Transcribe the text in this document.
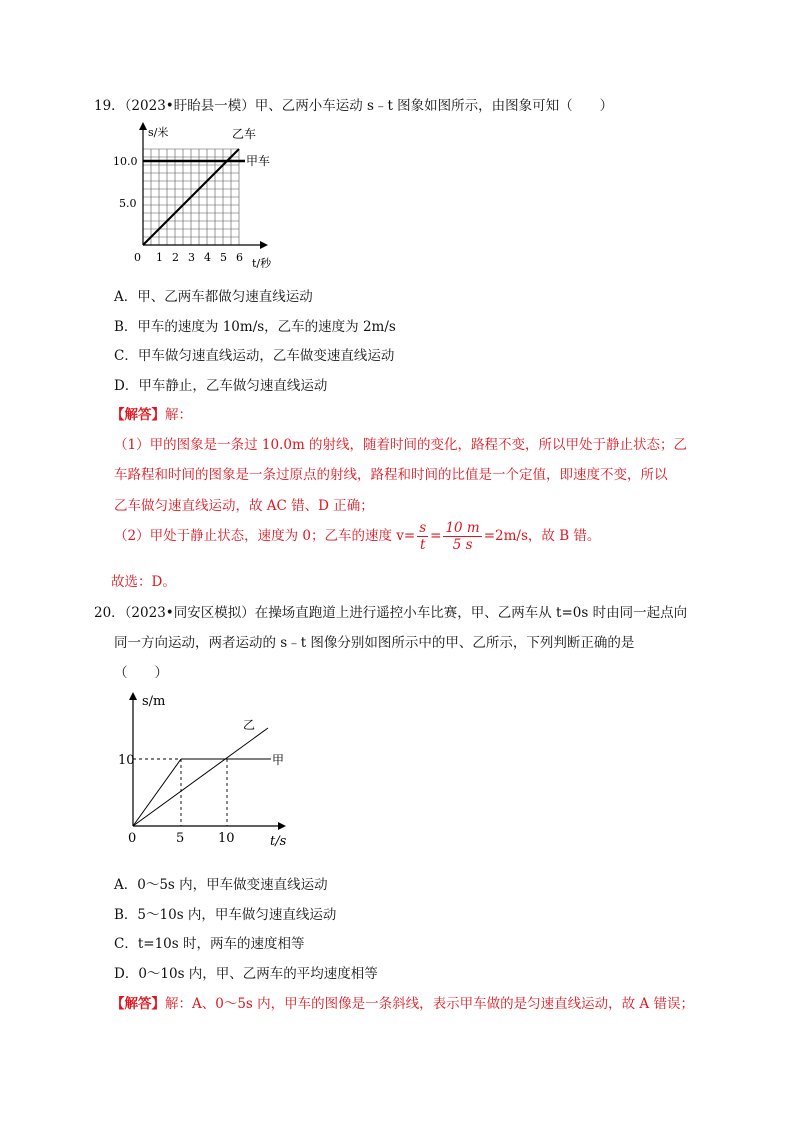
19．（2023•盱眙县一模）甲、乙两小车运动 s﹣t 图象如图所示，由图象可知（　　）
s/米
t/秒
10.0
5.0
0 1 2 3 4 5 6
乙车
甲车
A．甲、乙两车都做匀速直线运动
B．甲车的速度为 10m/s，乙车的速度为 2m/s
C．甲车做匀速直线运动，乙车做变速直线运动
D．甲车静止，乙车做匀速直线运动
【解答】解：
（1）甲的图象是一条过 10.0m 的射线，随着时间的变化，路程不变，所以甲处于静止状态；乙
车路程和时间的图象是一条过原点的射线，路程和时间的比值是一个定值，即速度不变，所以
乙车做匀速直线运动，故 AC 错、D 正确；
（2）甲处于静止状态，速度为 0；乙车的速度 $v= \frac{s}{t} = \frac{10 m}{5 s} =2m/s$，故 B 错。
故选：D。
20．（2023•同安区模拟）在操场直跑道上进行遥控小车比赛，甲、乙两车从 t=0s 时由同一起点向
同一方向运动，两者运动的 s﹣t 图像分别如图所示中的甲、乙所示，下列判断正确的是
（　　）
s/m
t/s
10
0	5	10
乙
甲
A．0～5s 内，甲车做变速直线运动
B．5～10s 内，甲车做匀速直线运动
C．t=10s 时，两车的速度相等
D．0～10s 内，甲、乙两车的平均速度相等
【解答】解：A、0～5s 内，甲车的图像是一条斜线，表示甲车做的是匀速直线运动，故 A 错误；
